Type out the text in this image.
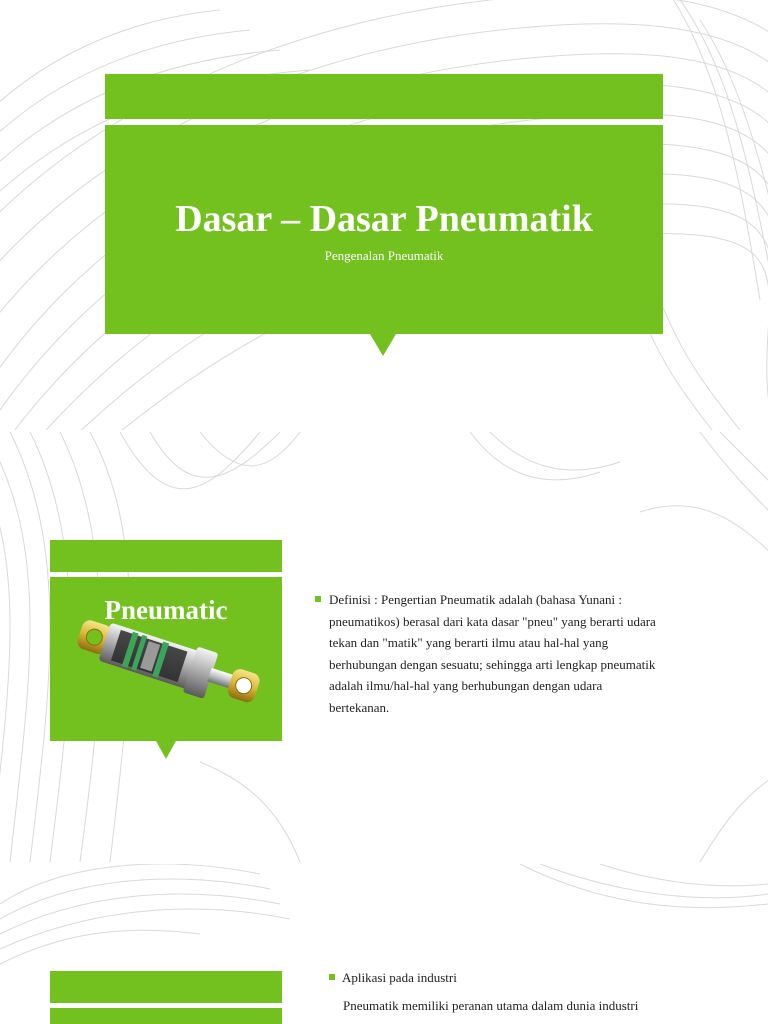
Dasar – Dasar Pneumatik

Pengenalan Pneumatik

Pneumatic	Definisi : Pengertian Pneumatik adalah (bahasa Yunani :
pneumatikos) berasal dari kata dasar "pneu" yang berarti udara
tekan dan "matik" yang berarti ilmu atau hal-hal yang
berhubungan dengan sesuatu; sehingga arti lengkap pneumatik
adalah ilmu/hal-hal yang berhubungan dengan udara
bertekanan.
Aplikasi pada industri

Pneumatik memiliki peranan utama dalam dunia industri
